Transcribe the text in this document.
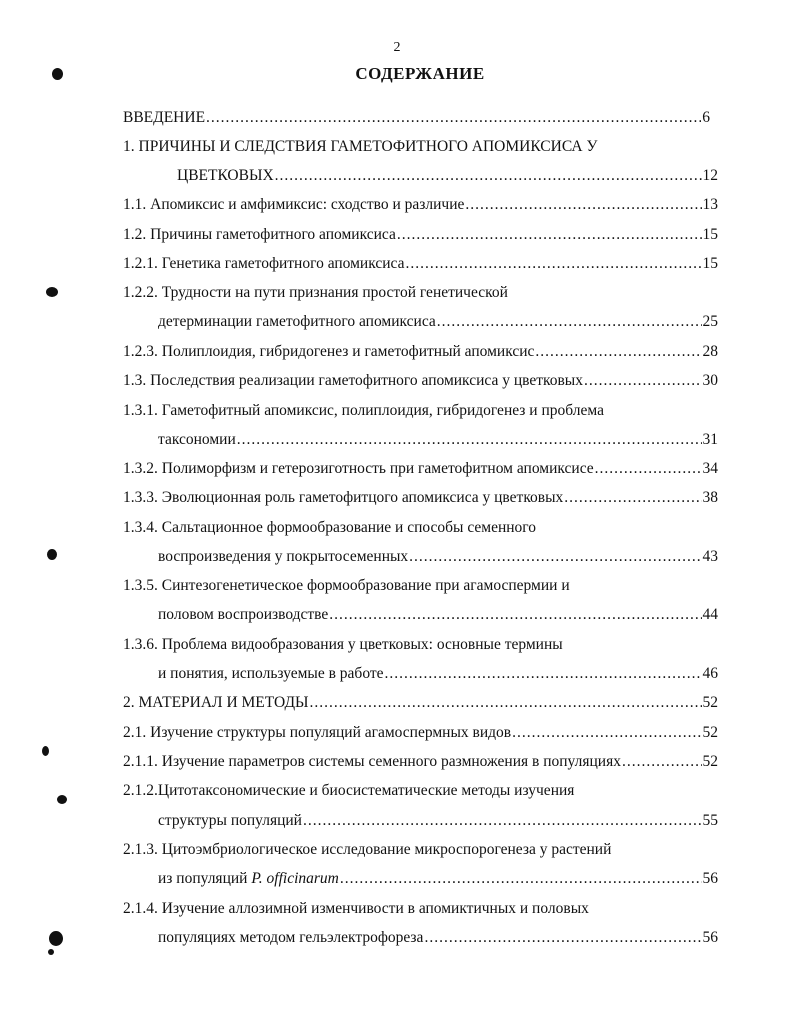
2
СОДЕРЖАНИЕ
ВВЕДЕНИЕ .....	6
1. ПРИЧИНЫ И СЛЕДСТВИЯ ГАМЕТОФИТНОГО АПОМИКСИСА У
ЦВЕТКОВЫХ .....	12
1.1. Апомиксис и амфимиксис: сходство и различие .....	13
1.2. Причины гаметофитного апомиксиса .....	15
1.2.1. Генетика гаметофитного апомиксиса .....	15
1.2.2. Трудности на пути признания простой генетической
детерминации гаметофитного апомиксиса .....	25
1.2.3. Полиплоидия, гибридогенез и гаметофитный апомиксис .....	28
1.3. Последствия реализации гаметофитного апомиксиса у цветковых .....	30
1.3.1. Гаметофитный апомиксис, полиплоидия, гибридогенез и проблема
таксономии .....	31
1.3.2. Полиморфизм и гетерозиготность при гаметофитном апомиксисе .....	34
1.3.3. Эволюционная роль гаметофитцого апомиксиса у цветковых .....	38
1.3.4. Сальтационное формообразование и способы семенного
воспроизведения у покрытосеменных .....	43
1.3.5. Синтезогенетическое формообразование при агамоспермии и
половом воспроизводстве .....	44
1.3.6. Проблема видообразования у цветковых: основные термины
и понятия, используемые в работе .....	46
2. МАТЕРИАЛ И МЕТОДЫ .....	52
2.1. Изучение структуры популяций агамоспермных видов .....	52
2.1.1. Изучение параметров системы семенного размножения в популяциях .....	52
2.1.2.Цитотаксономические и биосистематические методы изучения
структуры популяций .....	55
2.1.3. Цитоэмбриологическое исследование микроспорогенеза у растений
из популяций P. officinarum .....	56
2.1.4. Изучение аллозимной изменчивости в апомиктичных и половых
популяциях методом гельэлектрофореза .....	56
